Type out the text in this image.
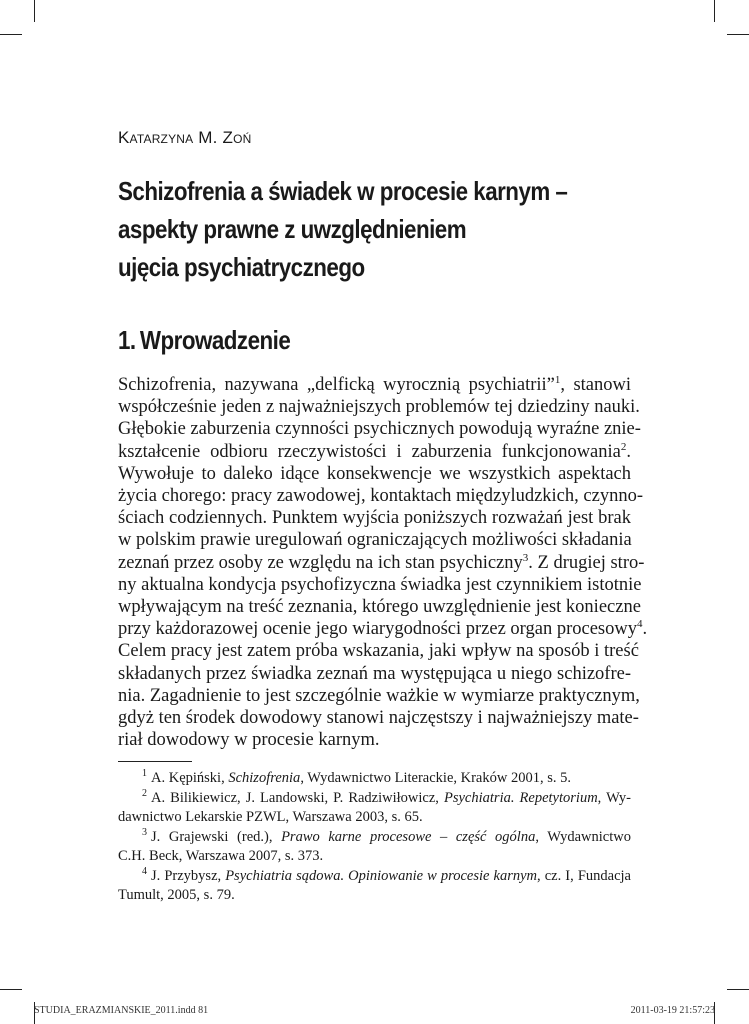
Katarzyna M. Zoń
Schizofrenia a świadek w procesie karnym –
aspekty prawne z uwzględnieniem
ujęcia psychiatrycznego
1. Wprowadzenie
Schizofrenia, nazywana „delficką wyrocznią psychiatrii”$^1$, stanowi
współcześnie jeden z najważniejszych problemów tej dziedziny nauki.
Głębokie zaburzenia czynności psychicznych powodują wyraźne znie-
kształcenie odbioru rzeczywistości i zaburzenia funkcjonowania$^2$.
Wywołuje to daleko idące konsekwencje we wszystkich aspektach
życia chorego: pracy zawodowej, kontaktach międzyludzkich, czynno-
ściach codziennych. Punktem wyjścia poniższych rozważań jest brak
w polskim prawie uregulowań ograniczających możliwości składania
zeznań przez osoby ze względu na ich stan psychiczny$^3$. Z drugiej stro-
ny aktualna kondycja psychofizyczna świadka jest czynnikiem istotnie
wpływającym na treść zeznania, którego uwzględnienie jest konieczne
przy każdorazowej ocenie jego wiarygodności przez organ procesowy$^4$.
Celem pracy jest zatem próba wskazania, jaki wpływ na sposób i treść
składanych przez świadka zeznań ma występująca u niego schizofre-
nia. Zagadnienie to jest szczególnie ważkie w wymiarze praktycznym,
gdyż ten środek dowodowy stanowi najczęstszy i najważniejszy mate-
riał dowodowy w procesie karnym.
$^1$ A. Kępiński, Schizofrenia, Wydawnictwo Literackie, Kraków 2001, s. 5.
$^2$ A. Bilikiewicz, J. Landowski, P. Radziwiłowicz, Psychiatria. Repetytorium, Wy-
dawnictwo Lekarskie PZWL, Warszawa 2003, s. 65.
$^3$ J. Grajewski (red.), Prawo karne procesowe – część ogólna, Wydawnictwo
C.H. Beck, Warszawa 2007, s. 373.
$^4$ J. Przybysz, Psychiatria sądowa. Opiniowanie w procesie karnym, cz. I, Fundacja
Tumult, 2005, s. 79.
STUDIA_ERAZMIANSKIE_2011.indd 81	2011-03-19 21:57:23
